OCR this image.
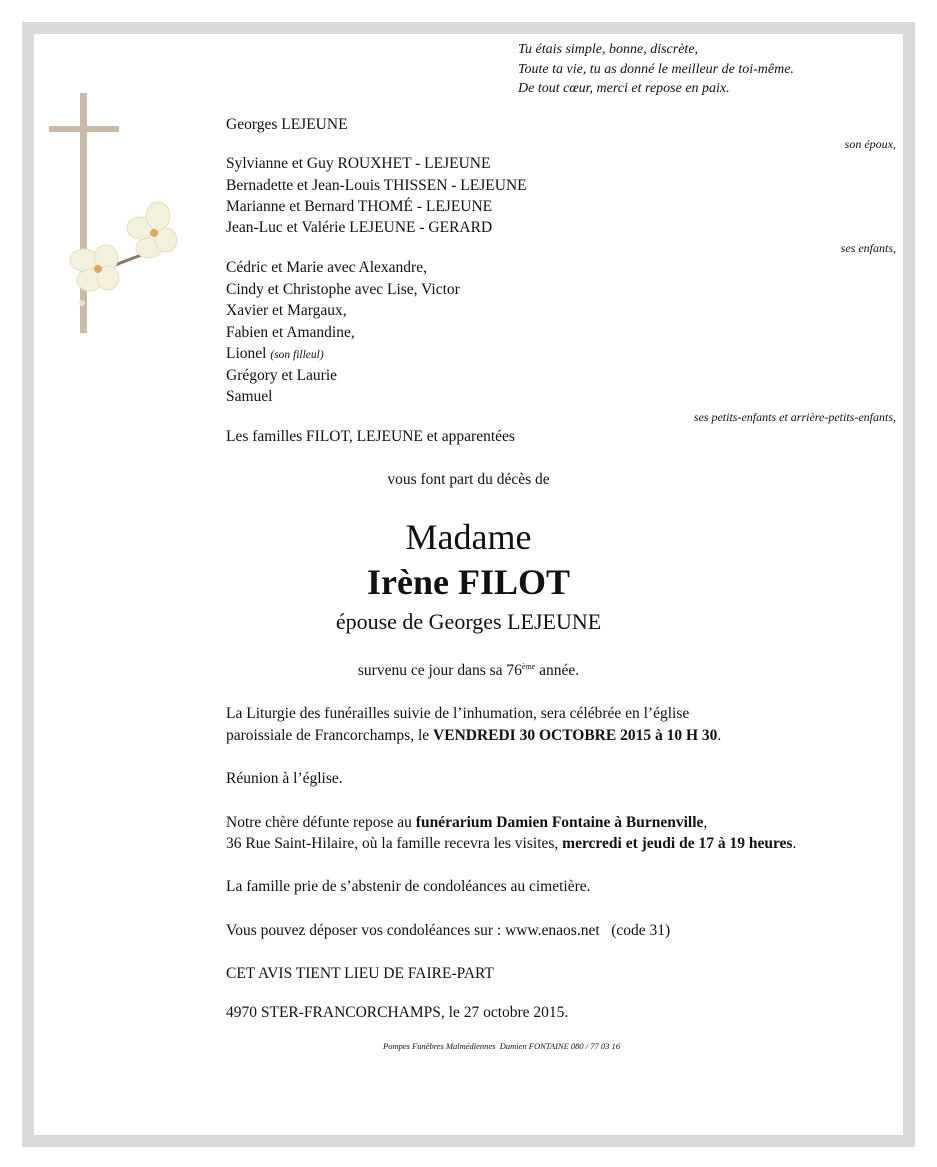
Tu étais simple, bonne, discrète,
Toute ta vie, tu as donné le meilleur de toi-même.
De tout cœur, merci et repose en paix.
Georges LEJEUNE
son époux,
Sylvianne et Guy ROUXHET - LEJEUNE
Bernadette et Jean-Louis THISSEN - LEJEUNE
Marianne et Bernard THOMÉ - LEJEUNE
Jean-Luc et Valérie LEJEUNE - GERARD
ses enfants,
Cédric et Marie avec Alexandre,
Cindy et Christophe avec Lise, Victor
Xavier et Margaux,
Fabien et Amandine,
Lionel (son filleul)
Grégory et Laurie
Samuel
ses petits-enfants et arrière-petits-enfants,
Les familles FILOT, LEJEUNE et apparentées
vous font part du décès de
Madame
Irène FILOT
épouse de Georges LEJEUNE
survenu ce jour dans sa 76ème année.
La Liturgie des funérailles suivie de l’inhumation, sera célébrée en l’église
paroissiale de Francorchamps, le VENDREDI 30 OCTOBRE 2015 à 10 H 30.
Réunion à l’église.
Notre chère défunte repose au funérarium Damien Fontaine à Burnenville,
36 Rue Saint-Hilaire, où la famille recevra les visites, mercredi et jeudi de 17 à 19 heures.
La famille prie de s’abstenir de condoléances au cimetière.
Vous pouvez déposer vos condoléances sur : www.enaos.net   (code 31)
CET AVIS TIENT LIEU DE FAIRE-PART
4970 STER-FRANCORCHAMPS, le 27 octobre 2015.
Pompes Funèbres Malmédiennes  Damien FONTAINE 080 / 77 03 16
